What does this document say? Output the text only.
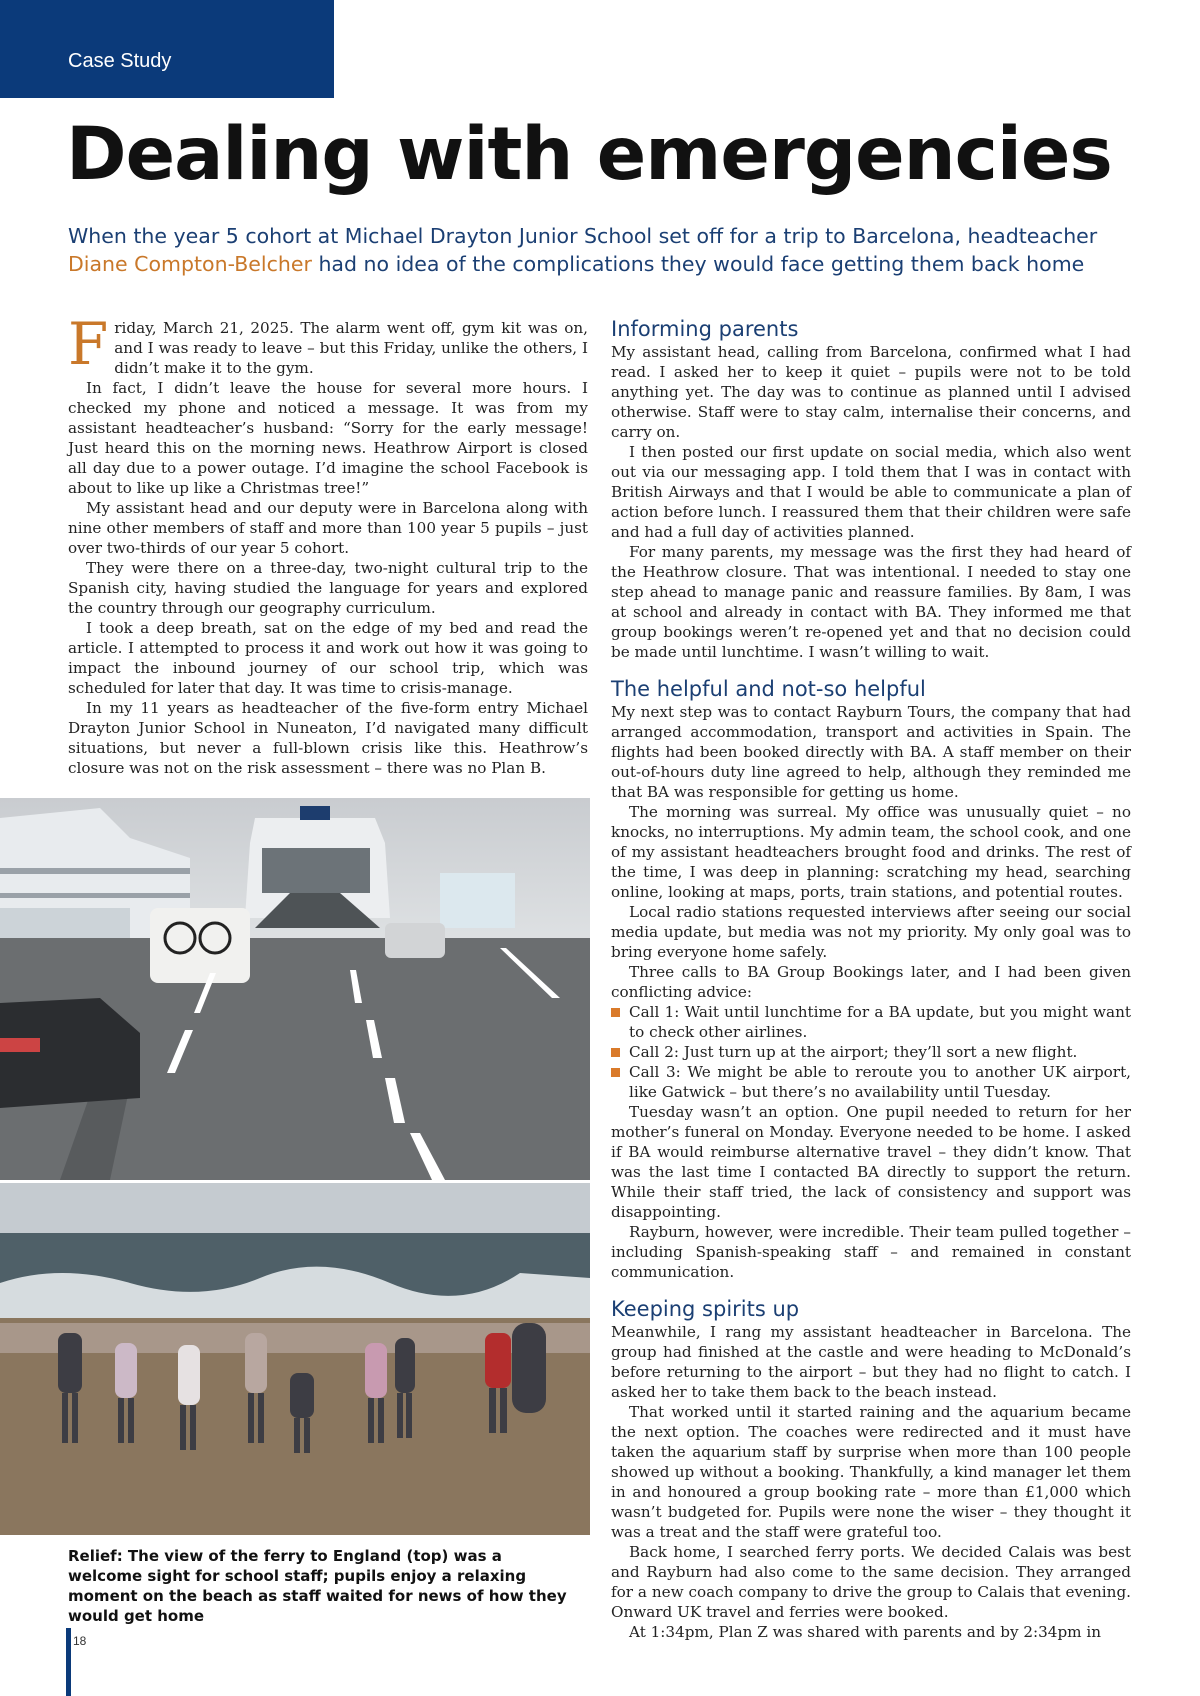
Case Study
Dealing with emergencies

When the year 5 cohort at Michael Drayton Junior School set off for a trip to Barcelona, headteacher Diane Compton-Belcher had no idea of the complications they would face getting them back home

Friday, March 21, 2025. The alarm went off, gym kit was on, and I was ready to leave – but this Friday, unlike the others, I didn’t make it to the gym.

In fact, I didn’t leave the house for several more hours. I checked my phone and noticed a message. It was from my assistant headteacher’s husband: “Sorry for the early message! Just heard this on the morning news. Heathrow Airport is closed all day due to a power outage. I’d imagine the school Facebook is about to like up like a Christmas tree!”

My assistant head and our deputy were in Barcelona along with nine other members of staff and more than 100 year 5 pupils – just over two-thirds of our year 5 cohort.

They were there on a three-day, two-night cultural trip to the Spanish city, having studied the language for years and explored the country through our geography curriculum.

I took a deep breath, sat on the edge of my bed and read the article. I attempted to process it and work out how it was going to impact the inbound journey of our school trip, which was scheduled for later that day. It was time to crisis-manage.

In my 11 years as headteacher of the five-form entry Michael Drayton Junior School in Nuneaton, I’d navigated many difficult situations, but never a full-blown crisis like this. Heathrow’s closure was not on the risk assessment – there was no Plan B.

Relief: The view of the ferry to England (top) was a welcome sight for school staff; pupils enjoy a relaxing moment on the beach as staff waited for news of how they would get home

Informing parents

My assistant head, calling from Barcelona, confirmed what I had read. I asked her to keep it quiet – pupils were not to be told anything yet. The day was to continue as planned until I advised otherwise. Staff were to stay calm, internalise their concerns, and carry on.

I then posted our first update on social media, which also went out via our messaging app. I told them that I was in contact with British Airways and that I would be able to communicate a plan of action before lunch. I reassured them that their children were safe and had a full day of activities planned.

For many parents, my message was the first they had heard of the Heathrow closure. That was intentional. I needed to stay one step ahead to manage panic and reassure families. By 8am, I was at school and already in contact with BA. They informed me that group bookings weren’t re-opened yet and that no decision could be made until lunchtime. I wasn’t willing to wait.

The helpful and not-so helpful

My next step was to contact Rayburn Tours, the company that had arranged accommodation, transport and activities in Spain. The flights had been booked directly with BA. A staff member on their out-of-hours duty line agreed to help, although they reminded me that BA was responsible for getting us home.

The morning was surreal. My office was unusually quiet – no knocks, no interruptions. My admin team, the school cook, and one of my assistant headteachers brought food and drinks. The rest of the time, I was deep in planning: scratching my head, searching online, looking at maps, ports, train stations, and potential routes.

Local radio stations requested interviews after seeing our social media update, but media was not my priority. My only goal was to bring everyone home safely.

Three calls to BA Group Bookings later, and I had been given conflicting advice:

Call 1: Wait until lunchtime for a BA update, but you might want to check other airlines.
Call 2: Just turn up at the airport; they’ll sort a new flight.
Call 3: We might be able to reroute you to another UK airport, like Gatwick – but there’s no availability until Tuesday.

Tuesday wasn’t an option. One pupil needed to return for her mother’s funeral on Monday. Everyone needed to be home. I asked if BA would reimburse alternative travel – they didn’t know. That was the last time I contacted BA directly to support the return. While their staff tried, the lack of consistency and support was disappointing.

Rayburn, however, were incredible. Their team pulled together – including Spanish-speaking staff – and remained in constant communication.

Keeping spirits up

Meanwhile, I rang my assistant headteacher in Barcelona. The group had finished at the castle and were heading to McDonald’s before returning to the airport – but they had no flight to catch. I asked her to take them back to the beach instead.

That worked until it started raining and the aquarium became the next option. The coaches were redirected and it must have taken the aquarium staff by surprise when more than 100 people showed up without a booking. Thankfully, a kind manager let them in and honoured a group booking rate – more than £1,000 which wasn’t budgeted for. Pupils were none the wiser – they thought it was a treat and the staff were grateful too.

Back home, I searched ferry ports. We decided Calais was best and Rayburn had also come to the same decision. They arranged for a new coach company to drive the group to Calais that evening. Onward UK travel and ferries were booked.

At 1:34pm, Plan Z was shared with parents and by 2:34pm in

18
